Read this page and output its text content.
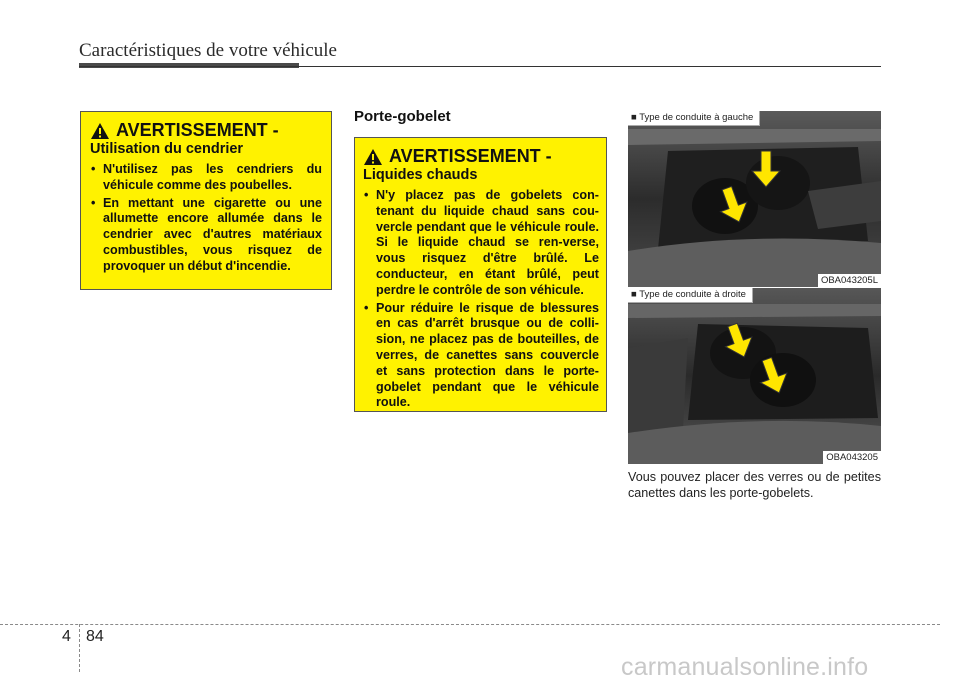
Caractéristiques de votre véhicule
AVERTISSEMENT -
Utilisation du cendrier
• N'utilisez pas les cendriers du véhicule comme des poubelles.
• En mettant une cigarette ou une allumette encore allumée dans le cendrier avec d'autres matériaux combustibles, vous risquez de provoquer un début d'incendie.
Porte-gobelet
AVERTISSEMENT -
Liquides chauds
• N'y placez pas de gobelets con-tenant du liquide chaud sans cou-vercle pendant que le véhicule roule. Si le liquide chaud se ren-verse, vous risquez d'être brûlé. Le conducteur, en étant brûlé, peut perdre le contrôle de son véhicule.
• Pour réduire le risque de blessures en cas d'arrêt brusque ou de colli-sion, ne placez pas de bouteilles, de verres, de canettes sans couvercle et sans protection dans le porte-gobelet pendant que le véhicule roule.
■ Type de conduite à gauche
OBA043205L
■ Type de conduite à droite
OBA043205
Vous pouvez placer des verres ou de petites canettes dans les porte-gobelets.
4 84
carmanualsonline.info
